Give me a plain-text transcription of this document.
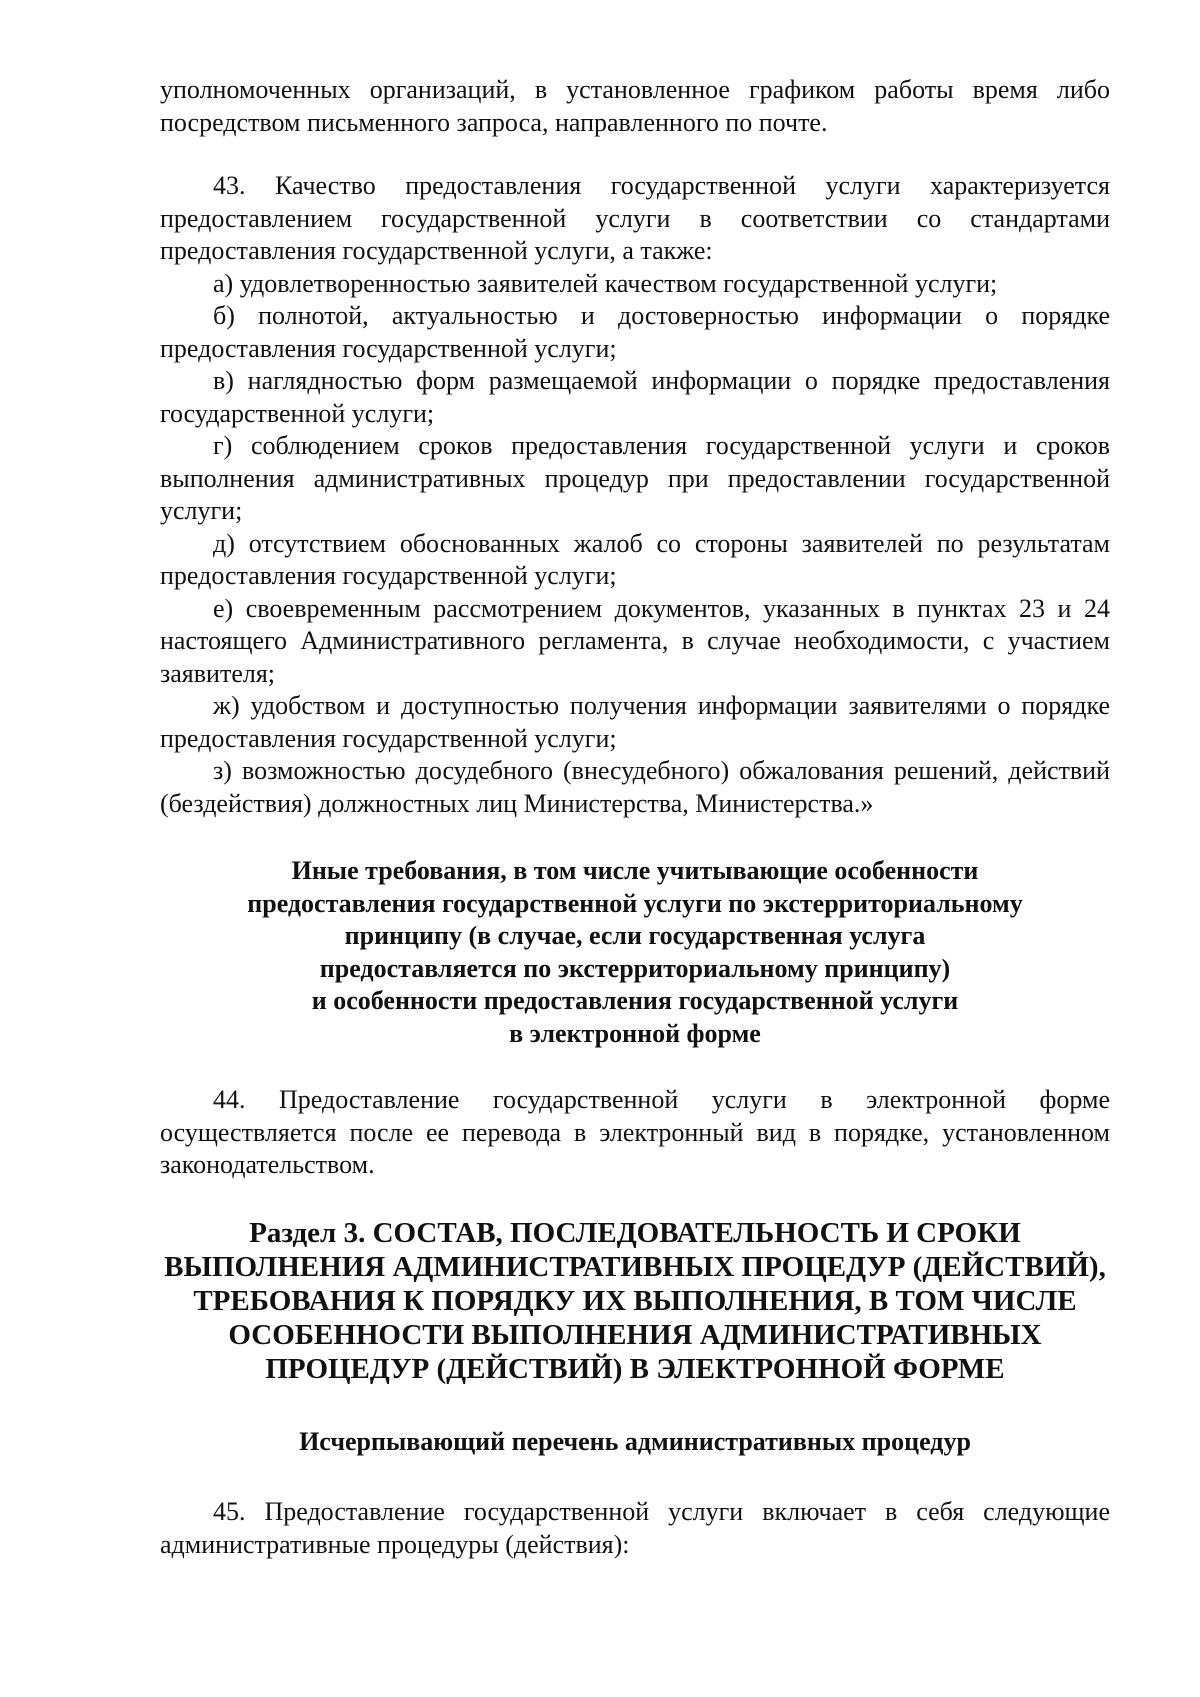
уполномоченных организаций, в установленное графиком работы время либо посредством письменного запроса, направленного по почте.

43. Качество предоставления государственной услуги характеризуется предоставлением государственной услуги в соответствии со стандартами предоставления государственной услуги, а также:

а) удовлетворенностью заявителей качеством государственной услуги;

б) полнотой, актуальностью и достоверностью информации о порядке предоставления государственной услуги;

в) наглядностью форм размещаемой информации о порядке предоставления государственной услуги;

г) соблюдением сроков предоставления государственной услуги и сроков выполнения административных процедур при предоставлении государственной услуги;

д) отсутствием обоснованных жалоб со стороны заявителей по результатам предоставления государственной услуги;

е) своевременным рассмотрением документов, указанных в пунктах 23 и 24 настоящего Административного регламента, в случае необходимости, с участием заявителя;

ж) удобством и доступностью получения информации заявителями о порядке предоставления государственной услуги;

з) возможностью досудебного (внесудебного) обжалования решений, действий (бездействия) должностных лиц Министерства, Министерства.»

Иные требования, в том числе учитывающие особенности
предоставления государственной услуги по экстерриториальному
принципу (в случае, если государственная услуга
предоставляется по экстерриториальному принципу)
и особенности предоставления государственной услуги
в электронной форме

44. Предоставление государственной услуги в электронной форме осуществляется после ее перевода в электронный вид в порядке, установленном законодательством.

Раздел 3. СОСТАВ, ПОСЛЕДОВАТЕЛЬНОСТЬ И СРОКИ
ВЫПОЛНЕНИЯ АДМИНИСТРАТИВНЫХ ПРОЦЕДУР (ДЕЙСТВИЙ),
ТРЕБОВАНИЯ К ПОРЯДКУ ИХ ВЫПОЛНЕНИЯ, В ТОМ ЧИСЛЕ
ОСОБЕННОСТИ ВЫПОЛНЕНИЯ АДМИНИСТРАТИВНЫХ
ПРОЦЕДУР (ДЕЙСТВИЙ) В ЭЛЕКТРОННОЙ ФОРМЕ
Исчерпывающий перечень административных процедур

45. Предоставление государственной услуги включает в себя следующие административные процедуры (действия):
